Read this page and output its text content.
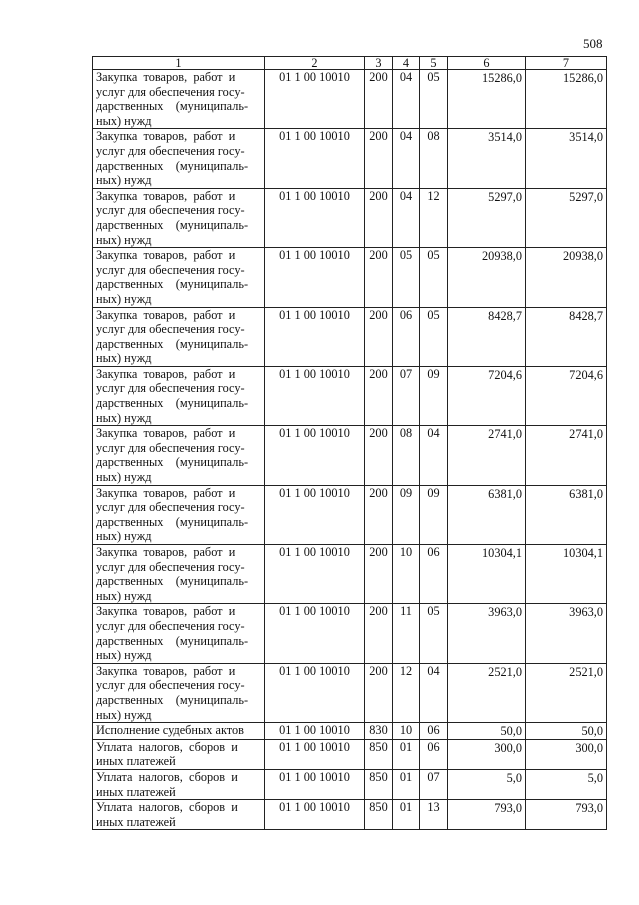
508
1	2	3	4	5	6	7

Закупка  товаров,  работ  и
услуг для обеспечения госу-
дарственных    (муниципаль-
ных) нужд	01 1 00 10010	200	04	05	15286,0	15286,0

Закупка  товаров,  работ  и
услуг для обеспечения госу-
дарственных    (муниципаль-
ных) нужд	01 1 00 10010	200	04	08	3514,0	3514,0

Закупка  товаров,  работ  и
услуг для обеспечения госу-
дарственных    (муниципаль-
ных) нужд	01 1 00 10010	200	04	12	5297,0	5297,0

Закупка  товаров,  работ  и
услуг для обеспечения госу-
дарственных    (муниципаль-
ных) нужд	01 1 00 10010	200	05	05	20938,0	20938,0

Закупка  товаров,  работ  и
услуг для обеспечения госу-
дарственных    (муниципаль-
ных) нужд	01 1 00 10010	200	06	05	8428,7	8428,7

Закупка  товаров,  работ  и
услуг для обеспечения госу-
дарственных    (муниципаль-
ных) нужд	01 1 00 10010	200	07	09	7204,6	7204,6

Закупка  товаров,  работ  и
услуг для обеспечения госу-
дарственных    (муниципаль-
ных) нужд	01 1 00 10010	200	08	04	2741,0	2741,0

Закупка  товаров,  работ  и
услуг для обеспечения госу-
дарственных    (муниципаль-
ных) нужд	01 1 00 10010	200	09	09	6381,0	6381,0

Закупка  товаров,  работ  и
услуг для обеспечения госу-
дарственных    (муниципаль-
ных) нужд	01 1 00 10010	200	10	06	10304,1	10304,1

Закупка  товаров,  работ  и
услуг для обеспечения госу-
дарственных    (муниципаль-
ных) нужд	01 1 00 10010	200	11	05	3963,0	3963,0

Закупка  товаров,  работ  и
услуг для обеспечения госу-
дарственных    (муниципаль-
ных) нужд	01 1 00 10010	200	12	04	2521,0	2521,0

Исполнение судебных актов	01 1 00 10010	830	10	06	50,0	50,0

Уплата  налогов,  сборов  и
иных платежей	01 1 00 10010	850	01	06	300,0	300,0

Уплата  налогов,  сборов  и
иных платежей	01 1 00 10010	850	01	07	5,0	5,0

Уплата  налогов,  сборов  и
иных платежей	01 1 00 10010	850	01	13	793,0	793,0
